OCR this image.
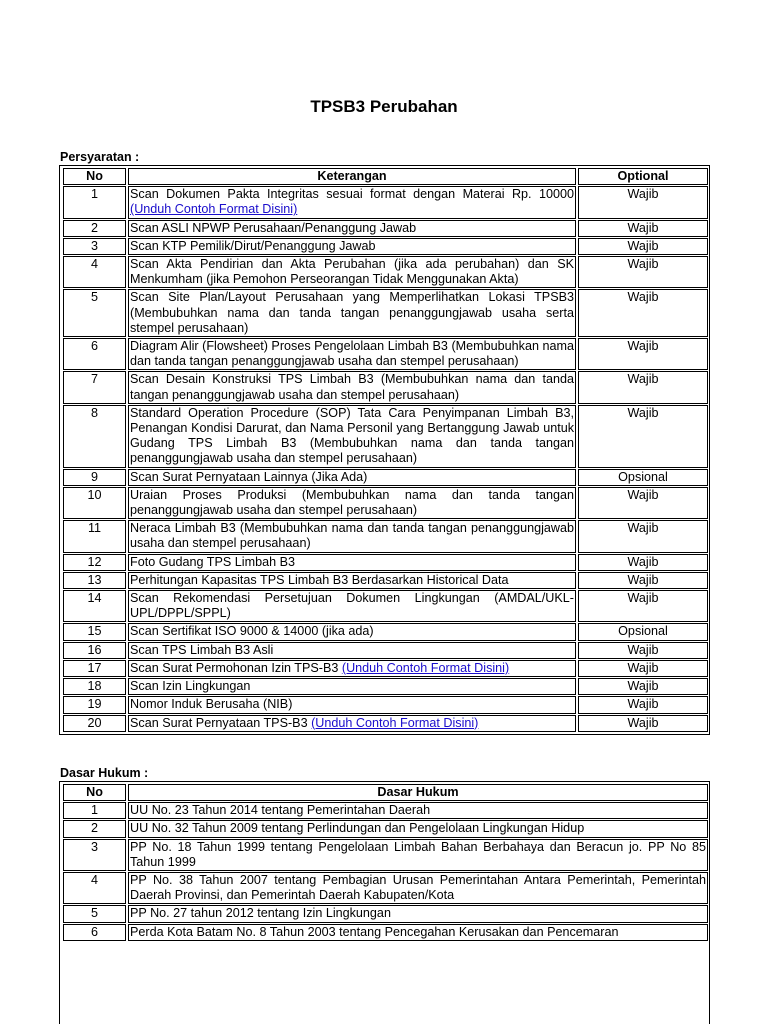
TPSB3 Perubahan
Persyaratan :
No	Keterangan	Optional
1	Scan Dokumen Pakta Integritas sesuai format dengan Materai Rp. 10000 (Unduh Contoh Format Disini)	Wajib
2	Scan ASLI NPWP Perusahaan/Penanggung Jawab	Wajib
3	Scan KTP Pemilik/Dirut/Penanggung Jawab	Wajib
4	Scan Akta Pendirian dan Akta Perubahan (jika ada perubahan) dan SK Menkumham (jika Pemohon Perseorangan Tidak Menggunakan Akta)	Wajib
5	Scan Site Plan/Layout Perusahaan yang Memperlihatkan Lokasi TPSB3 (Membubuhkan nama dan tanda tangan penanggungjawab usaha serta stempel perusahaan)	Wajib
6	Diagram Alir (Flowsheet) Proses Pengelolaan Limbah B3 (Membubuhkan nama dan tanda tangan penanggungjawab usaha dan stempel perusahaan)	Wajib
7	Scan Desain Konstruksi TPS Limbah B3 (Membubuhkan nama dan tanda tangan penanggungjawab usaha dan stempel perusahaan)	Wajib
8	Standard Operation Procedure (SOP) Tata Cara Penyimpanan Limbah B3, Penangan Kondisi Darurat, dan Nama Personil yang Bertanggung Jawab untuk Gudang TPS Limbah B3 (Membubuhkan nama dan tanda tangan penanggungjawab usaha dan stempel perusahaan)	Wajib
9	Scan Surat Pernyataan Lainnya (Jika Ada)	Opsional
10	Uraian Proses Produksi (Membubuhkan nama dan tanda tangan penanggungjawab usaha dan stempel perusahaan)	Wajib
11	Neraca Limbah B3 (Membubuhkan nama dan tanda tangan penanggungjawab usaha dan stempel perusahaan)	Wajib
12	Foto Gudang TPS Limbah B3	Wajib
13	Perhitungan Kapasitas TPS Limbah B3 Berdasarkan Historical Data	Wajib
14	Scan Rekomendasi Persetujuan Dokumen Lingkungan (AMDAL/UKL-UPL/DPPL/SPPL)	Wajib
15	Scan Sertifikat ISO 9000 & 14000 (jika ada)	Opsional
16	Scan TPS Limbah B3 Asli	Wajib
17	Scan Surat Permohonan Izin TPS-B3 (Unduh Contoh Format Disini)	Wajib
18	Scan Izin Lingkungan	Wajib
19	Nomor Induk Berusaha (NIB)	Wajib
20	Scan Surat Pernyataan TPS-B3 (Unduh Contoh Format Disini)	Wajib
Dasar Hukum :
No	Dasar Hukum
1	UU No. 23 Tahun 2014 tentang Pemerintahan Daerah
2	UU No. 32 Tahun 2009 tentang Perlindungan dan Pengelolaan Lingkungan Hidup
3	PP No. 18 Tahun 1999 tentang Pengelolaan Limbah Bahan Berbahaya dan Beracun jo. PP No 85 Tahun 1999
4	PP No. 38 Tahun 2007 tentang Pembagian Urusan Pemerintahan Antara Pemerintah, Pemerintah Daerah Provinsi, dan Pemerintah Daerah Kabupaten/Kota
5	PP No. 27 tahun 2012 tentang Izin Lingkungan
6	Perda Kota Batam No. 8 Tahun 2003 tentang Pencegahan Kerusakan dan Pencemaran
